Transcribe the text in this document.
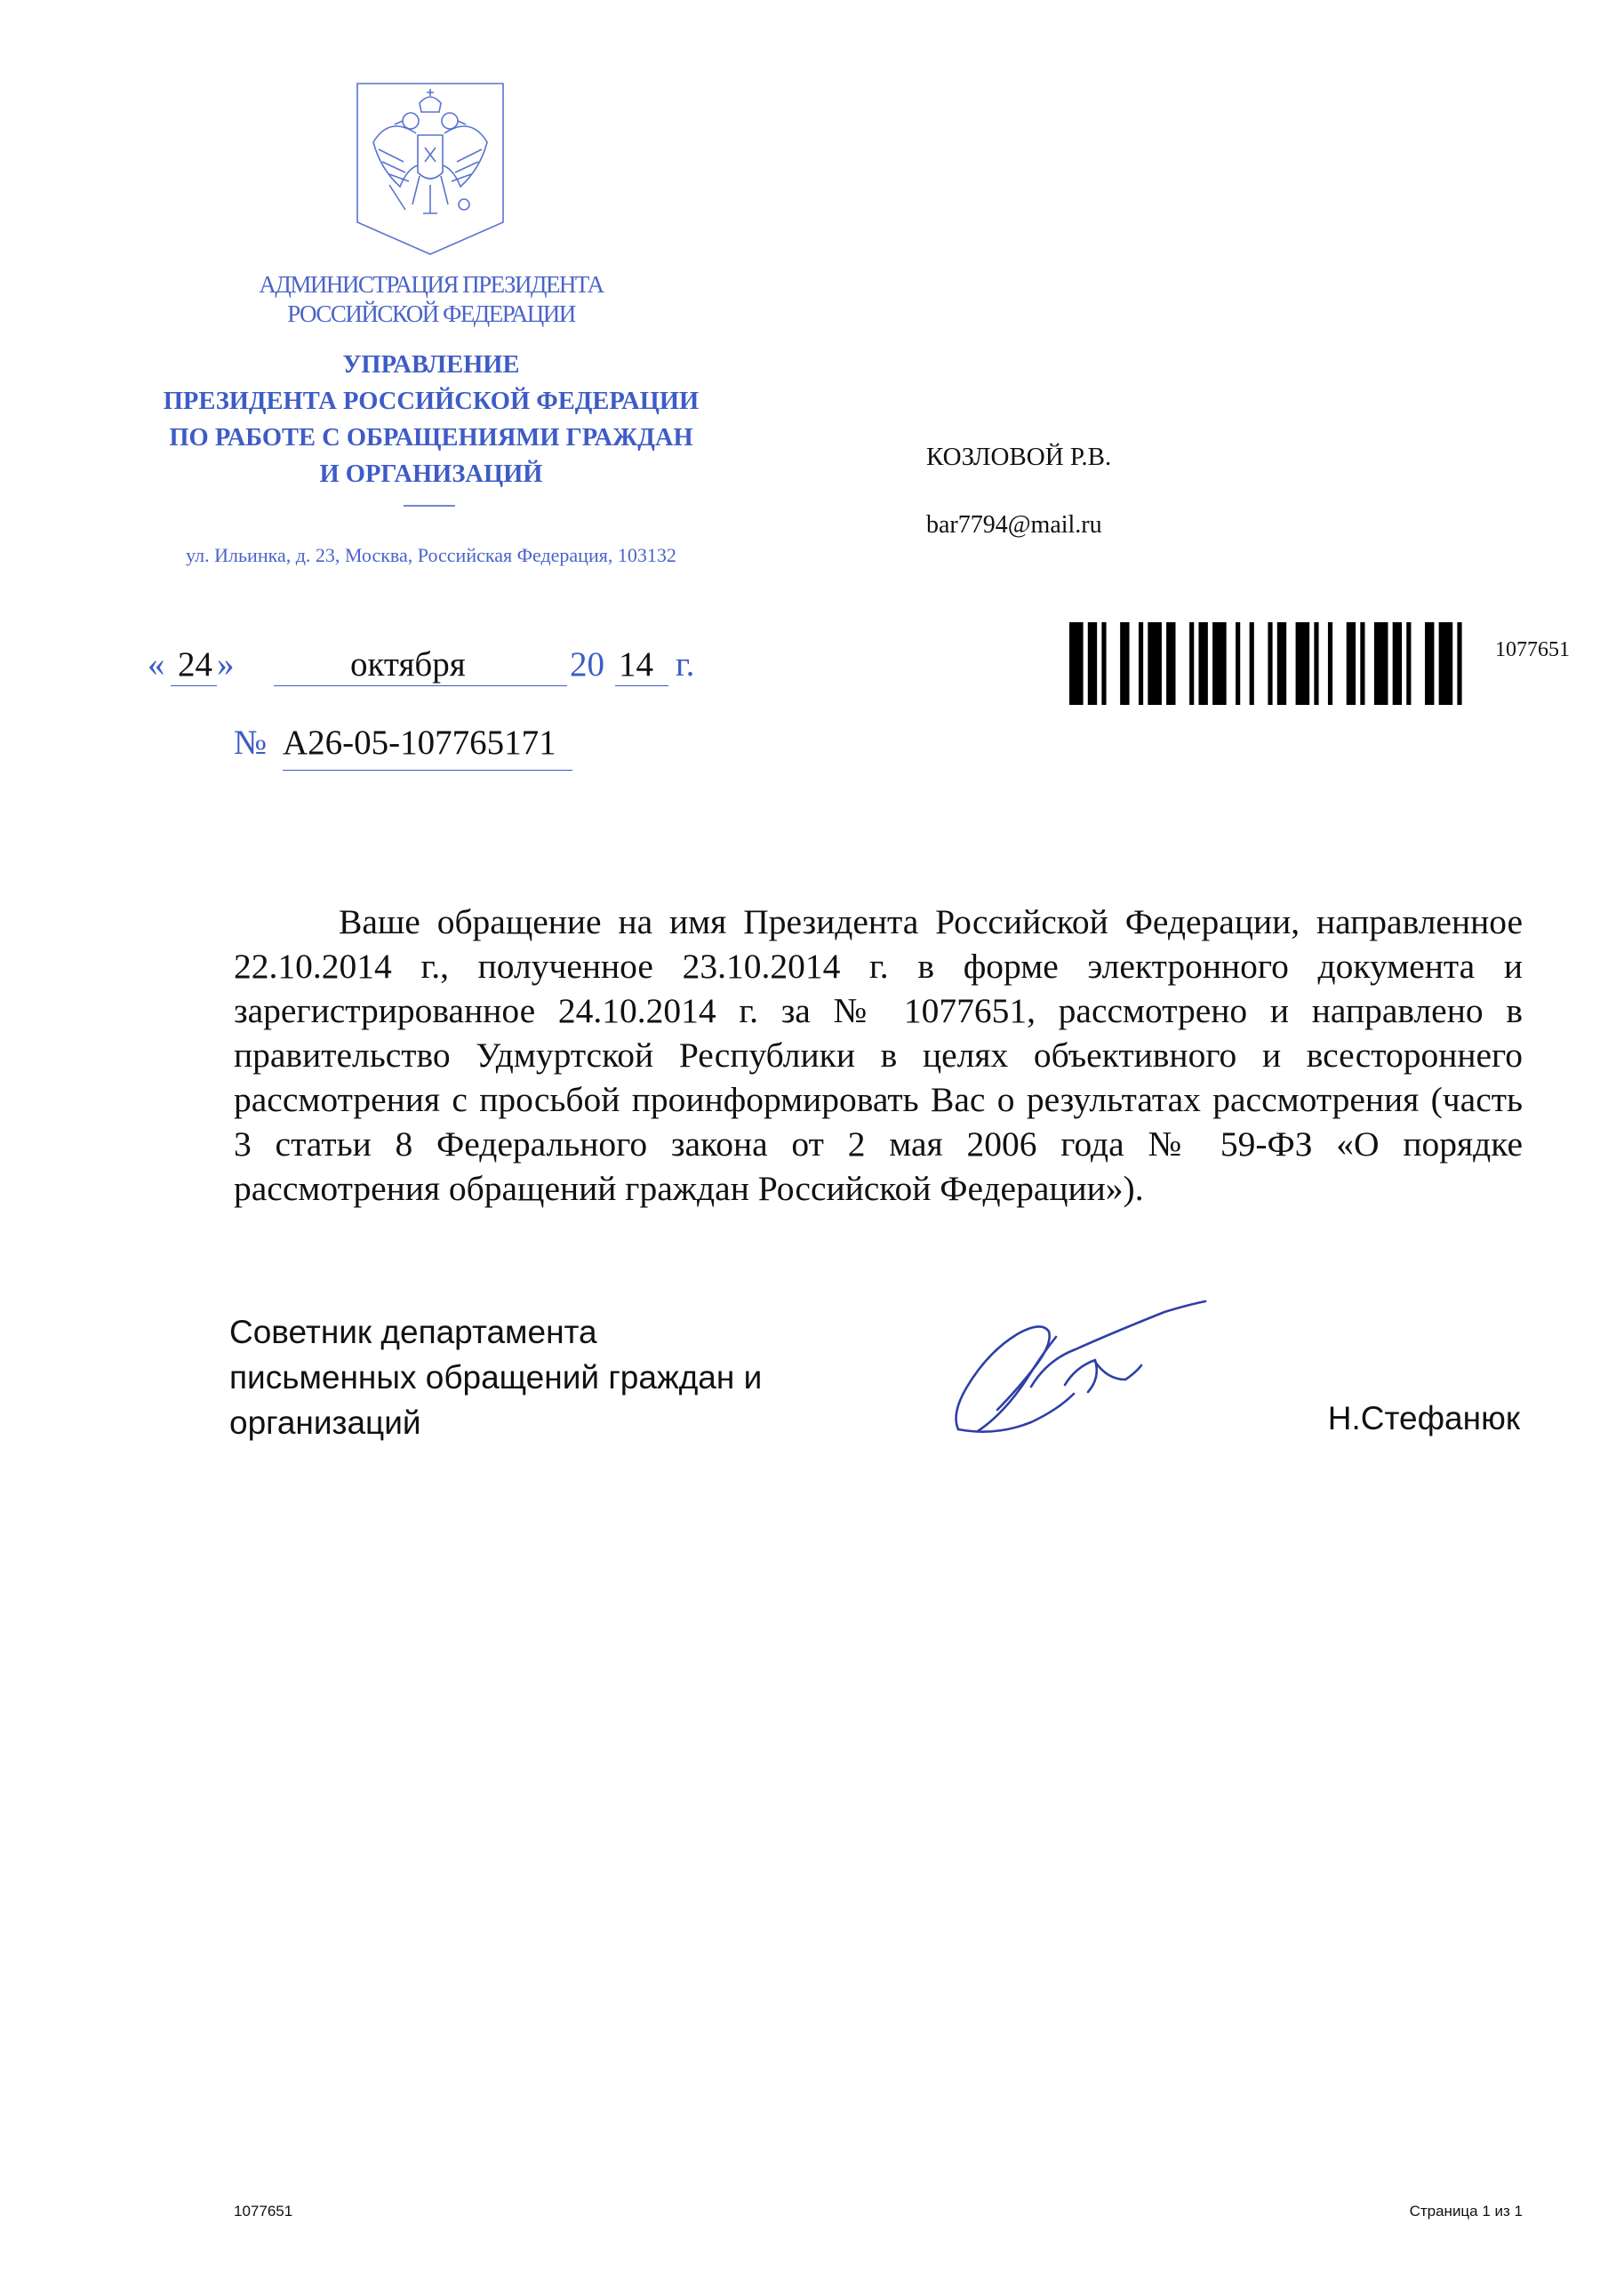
АДМИНИСТРАЦИЯ ПРЕЗИДЕНТА
РОССИЙСКОЙ ФЕДЕРАЦИИ
УПРАВЛЕНИЕ
ПРЕЗИДЕНТА РОССИЙСКОЙ ФЕДЕРАЦИИ
ПО РАБОТЕ С ОБРАЩЕНИЯМИ ГРАЖДАН
И ОРГАНИЗАЦИЙ
ул. Ильинка, д. 23, Москва, Российская Федерация, 103132
КОЗЛОВОЙ Р.В.
bar7794@mail.ru
1077651
« 24 »	октября	20 14 г.
№ А26-05-107765171
Ваше обращение на имя Президента Российской Федерации, направленное 22.10.2014 г., полученное 23.10.2014 г. в форме электронного документа и зарегистрированное 24.10.2014 г. за № 1077651, рассмотрено и направлено в правительство Удмуртской Республики в целях объективного и всестороннего рассмотрения с просьбой проинформировать Вас о результатах рассмотрения (часть 3 статьи 8 Федерального закона от 2 мая 2006 года № 59-ФЗ «О порядке рассмотрения обращений граждан Российской Федерации»).
Советник департамента
письменных обращений граждан и
организаций	Н.Стефанюк
1077651	Страница 1 из 1
